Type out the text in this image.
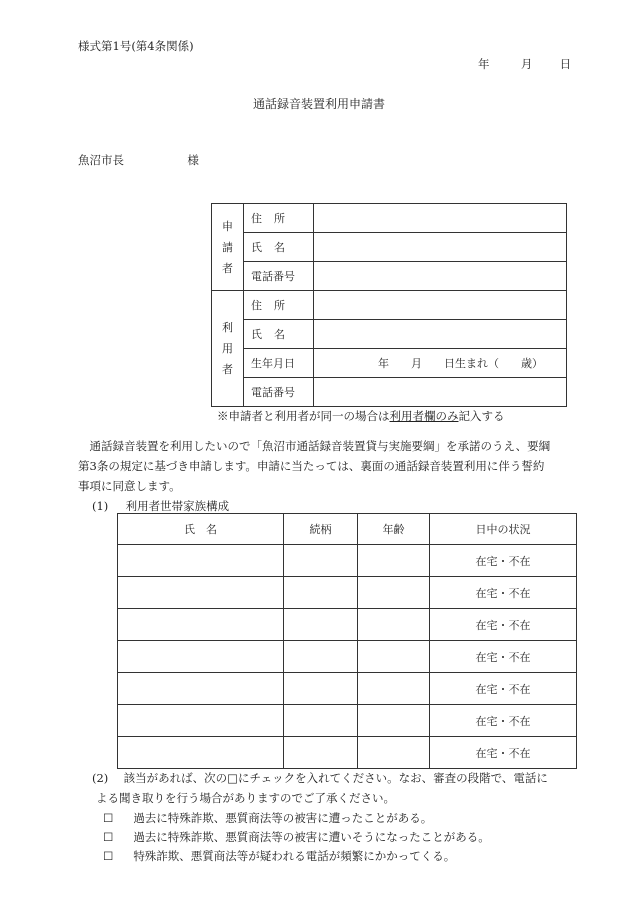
様式第1号(第4条関係)
年	月 日
通話録音装置利用申請書
魚沼市長	様
申
請
者	住所	
	氏名	
	電話番号	
利
用
者	住所	
	氏名	
	生年月日	年　　月　　日生まれ（　　歳）
	電話番号	
※申請者と利用者が同一の場合は利用者欄のみ記入する
　通話録音装置を利用したいので「魚沼市通話録音装置貸与実施要綱」を承諾のうえ、要綱
第3条の規定に基づき申請します。申請に当たっては、裏面の通話録音装置利用に伴う誓約
事項に同意します。
(1) 利用者世帯家族構成
氏　名	続柄	年齢	日中の状況
			在宅・不在
			在宅・不在
			在宅・不在
			在宅・不在
			在宅・不在
			在宅・不在
			在宅・不在
(2) 該当があれば、次の□にチェックを入れてください。なお、審査の段階で、電話に
よる聞き取りを行う場合がありますのでご了承ください。
☐ 過去に特殊詐欺、悪質商法等の被害に遭ったことがある。
☐ 過去に特殊詐欺、悪質商法等の被害に遭いそうになったことがある。
☐ 特殊詐欺、悪質商法等が疑われる電話が頻繁にかかってくる。
